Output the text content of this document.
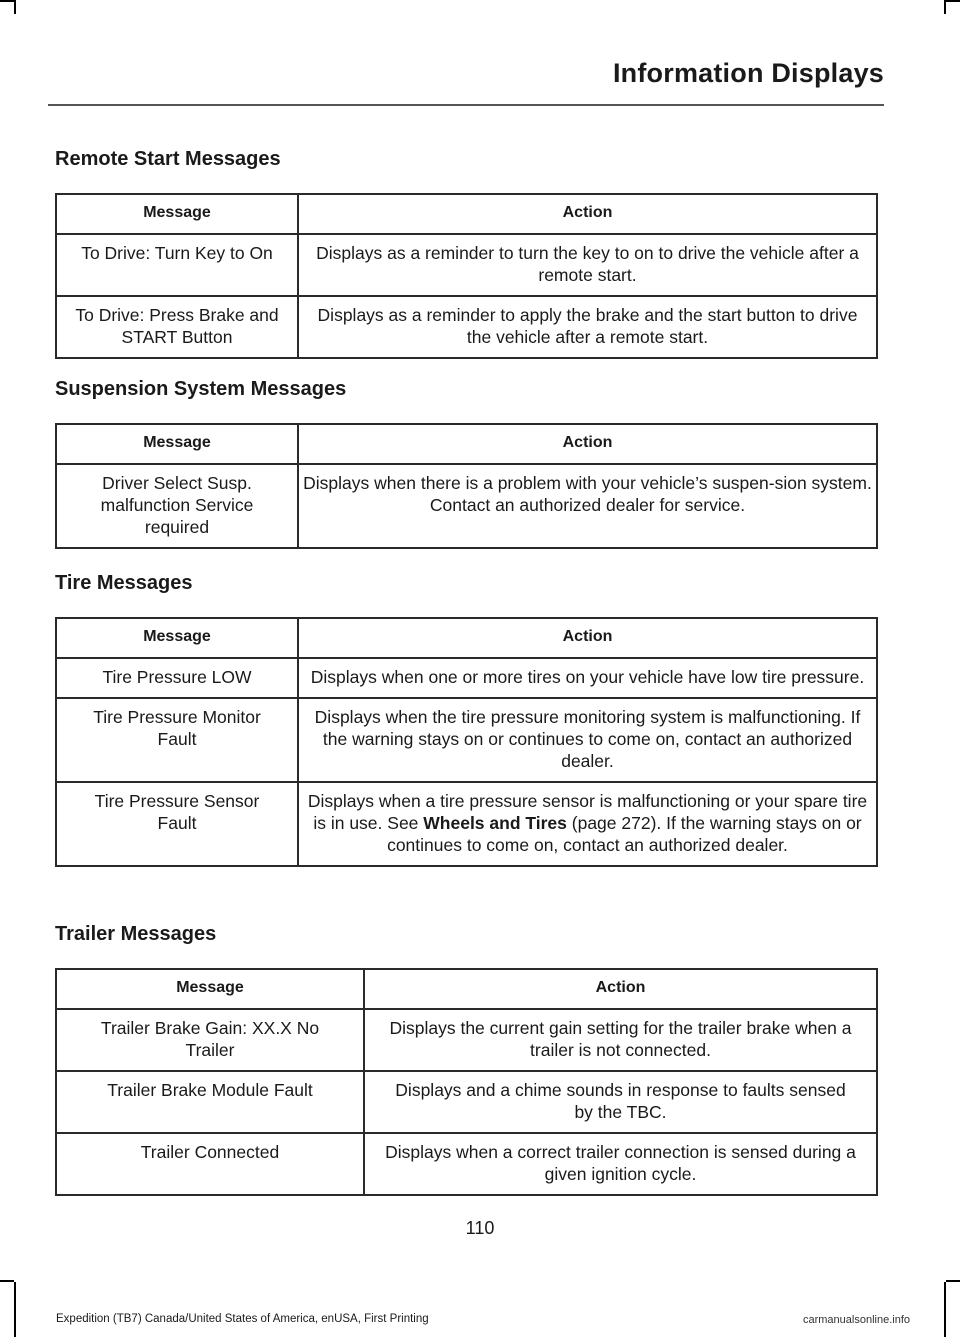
Information Displays
Remote Start Messages
Message	Action
To Drive: Turn Key to On	Displays as a reminder to turn the key to on to drive the vehicle after a remote start.
To Drive: Press Brake and START Button	Displays as a reminder to apply the brake and the start button to drive the vehicle after a remote start.
Suspension System Messages
Message	Action
Driver Select Susp. malfunction Service required	Displays when there is a problem with your vehicle’s suspen-sion system. Contact an authorized dealer for service.
Tire Messages
Message	Action
Tire Pressure LOW	Displays when one or more tires on your vehicle have low tire pressure.
Tire Pressure Monitor Fault	Displays when the tire pressure monitoring system is malfunctioning. If the warning stays on or continues to come on, contact an authorized dealer.
Tire Pressure Sensor Fault	Displays when a tire pressure sensor is malfunctioning or your spare tire is in use. See Wheels and Tires (page 272). If the warning stays on or continues to come on, contact an authorized dealer.
Trailer Messages
Message	Action
Trailer Brake Gain: XX.X No Trailer	Displays the current gain setting for the trailer brake when a trailer is not connected.
Trailer Brake Module Fault	Displays and a chime sounds in response to faults sensed by the TBC.
Trailer Connected	Displays when a correct trailer connection is sensed during a given ignition cycle.
110
Expedition (TB7) Canada/United States of America, enUSA, First Printing	carmanualsonline.info
